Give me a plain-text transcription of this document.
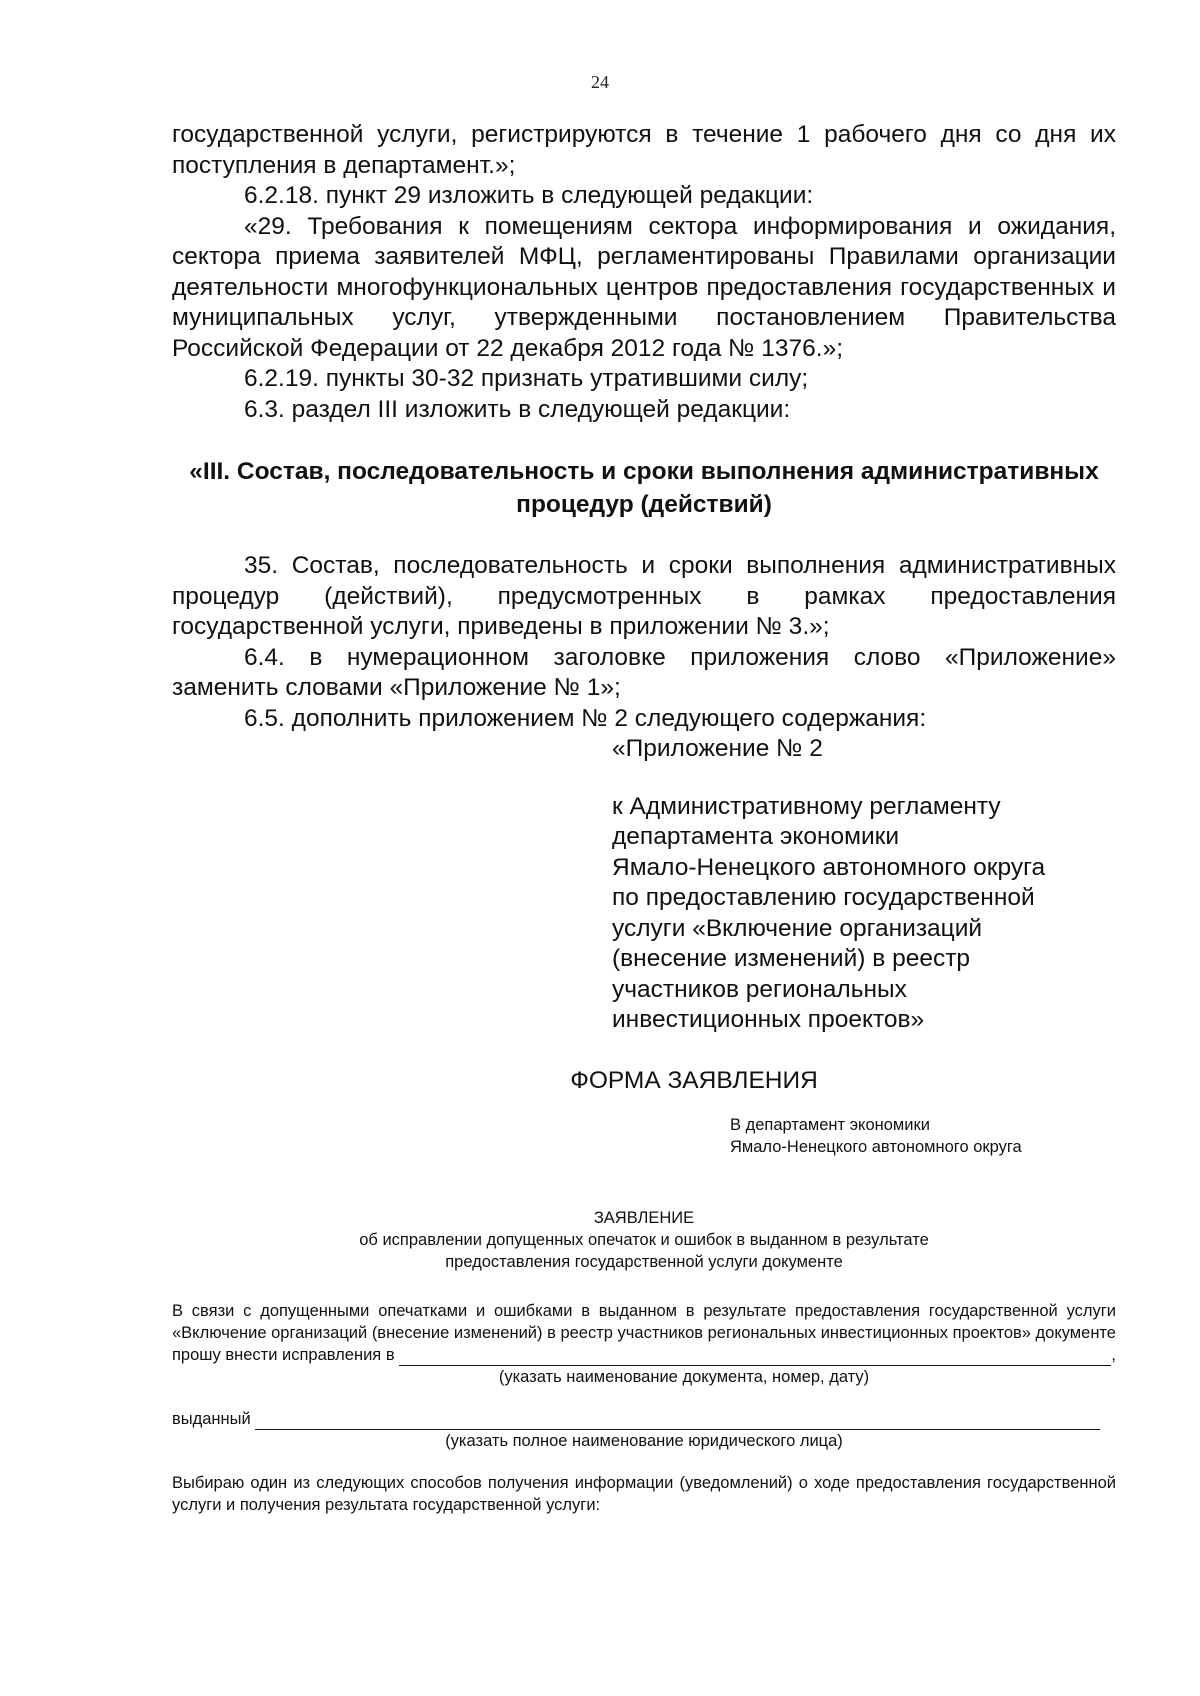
24

государственной услуги, регистрируются в течение 1 рабочего дня со дня их поступления в департамент.»;

6.2.18. пункт 29 изложить в следующей редакции:

«29. Требования к помещениям сектора информирования и ожидания, сектора приема заявителей МФЦ, регламентированы Правилами организации деятельности многофункциональных центров предоставления государственных и муниципальных услуг, утвержденными постановлением Правительства Российской Федерации от 22 декабря 2012 года № 1376.»;

6.2.19. пункты 30-32 признать утратившими силу;

6.3. раздел III изложить в следующей редакции:

«III. Состав, последовательность и сроки выполнения административных процедур (действий)

35. Состав, последовательность и сроки выполнения административных процедур (действий), предусмотренных в рамках предоставления государственной услуги, приведены в приложении № 3.»;

6.4. в нумерационном заголовке приложения слово «Приложение» заменить словами «Приложение № 1»;

6.5. дополнить приложением № 2 следующего содержания:

«Приложение № 2

к Административному регламенту
департамента экономики
Ямало-Ненецкого автономного округа
по предоставлению государственной
услуги «Включение организаций
(внесение изменений) в реестр
участников региональных
инвестиционных проектов»

ФОРМА ЗАЯВЛЕНИЯ

В департамент экономики
Ямало-Ненецкого автономного округа
ЗАЯВЛЕНИЕ
об исправлении допущенных опечаток и ошибок в выданном в результате
предоставления государственной услуги документе
В связи с допущенными опечатками и ошибками в выданном в результате предоставления государственной услуги «Включение организаций (внесение изменений) в реестр участников региональных инвестиционных проектов» документе
прошу внести исправления в	,
(указать наименование документа, номер, дату)
выданный
(указать полное наименование юридического лица)
Выбираю один из следующих способов получения информации (уведомлений) о ходе предоставления государственной услуги и получения результата государственной услуги:
